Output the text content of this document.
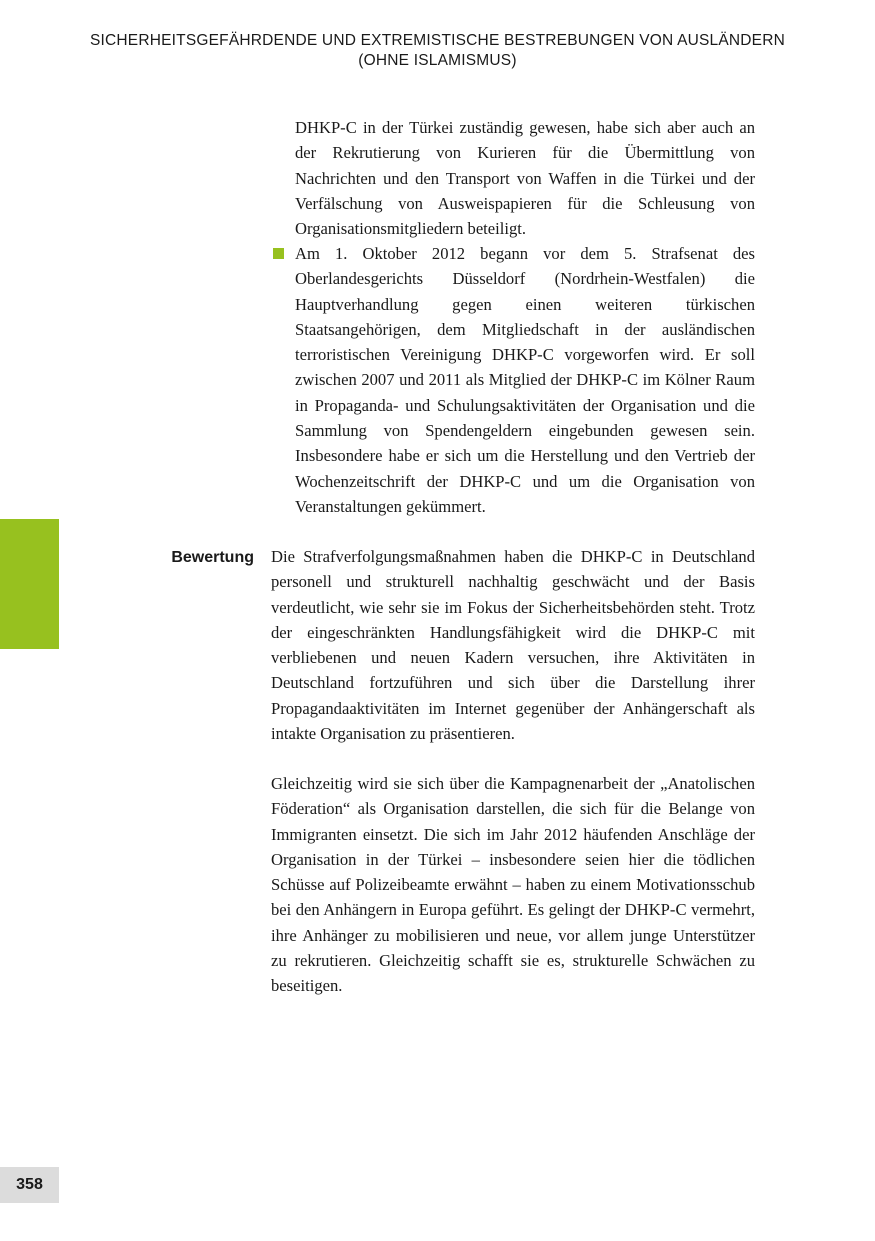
SICHERHEITSGEFÄHRDENDE UND EXTREMISTISCHE BESTREBUNGEN VON AUSLÄNDERN
(OHNE ISLAMISMUS)

DHKP-C in der Türkei zuständig gewesen, habe sich aber auch an der Rekrutierung von Kurieren für die Übermittlung von Nachrichten und den Transport von Waffen in die Türkei und der Verfälschung von Ausweispapieren für die Schleusung von Organisationsmitgliedern beteiligt.

Am 1. Oktober 2012 begann vor dem 5. Strafsenat des Oberlandesgerichts Düsseldorf (Nordrhein-Westfalen) die Hauptverhandlung gegen einen weiteren türkischen Staatsangehörigen, dem Mitgliedschaft in der ausländischen terroristischen Vereinigung DHKP-C vorgeworfen wird. Er soll zwischen 2007 und 2011 als Mitglied der DHKP-C im Kölner Raum in Propaganda- und Schulungsaktivitäten der Organisation und die Sammlung von Spendengeldern eingebunden gewesen sein. Insbesondere habe er sich um die Herstellung und den Vertrieb der Wochenzeitschrift der DHKP-C und um die Organisation von Veranstaltungen gekümmert.

Bewertung Die Strafverfolgungsmaßnahmen haben die DHKP-C in Deutschland personell und strukturell nachhaltig geschwächt und der Basis verdeutlicht, wie sehr sie im Fokus der Sicherheitsbehörden steht. Trotz der eingeschränkten Handlungsfähigkeit wird die DHKP-C mit verbliebenen und neuen Kadern versuchen, ihre Aktivitäten in Deutschland fortzuführen und sich über die Darstellung ihrer Propagandaaktivitäten im Internet gegenüber der Anhängerschaft als intakte Organisation zu präsentieren.

Gleichzeitig wird sie sich über die Kampagnenarbeit der „Anatolischen Föderation“ als Organisation darstellen, die sich für die Belange von Immigranten einsetzt. Die sich im Jahr 2012 häufenden Anschläge der Organisation in der Türkei – insbesondere seien hier die tödlichen Schüsse auf Polizeibeamte erwähnt – haben zu einem Motivationsschub bei den Anhängern in Europa geführt. Es gelingt der DHKP-C vermehrt, ihre Anhänger zu mobilisieren und neue, vor allem junge Unterstützer zu rekrutieren. Gleichzeitig schafft sie es, strukturelle Schwächen zu beseitigen.

358
